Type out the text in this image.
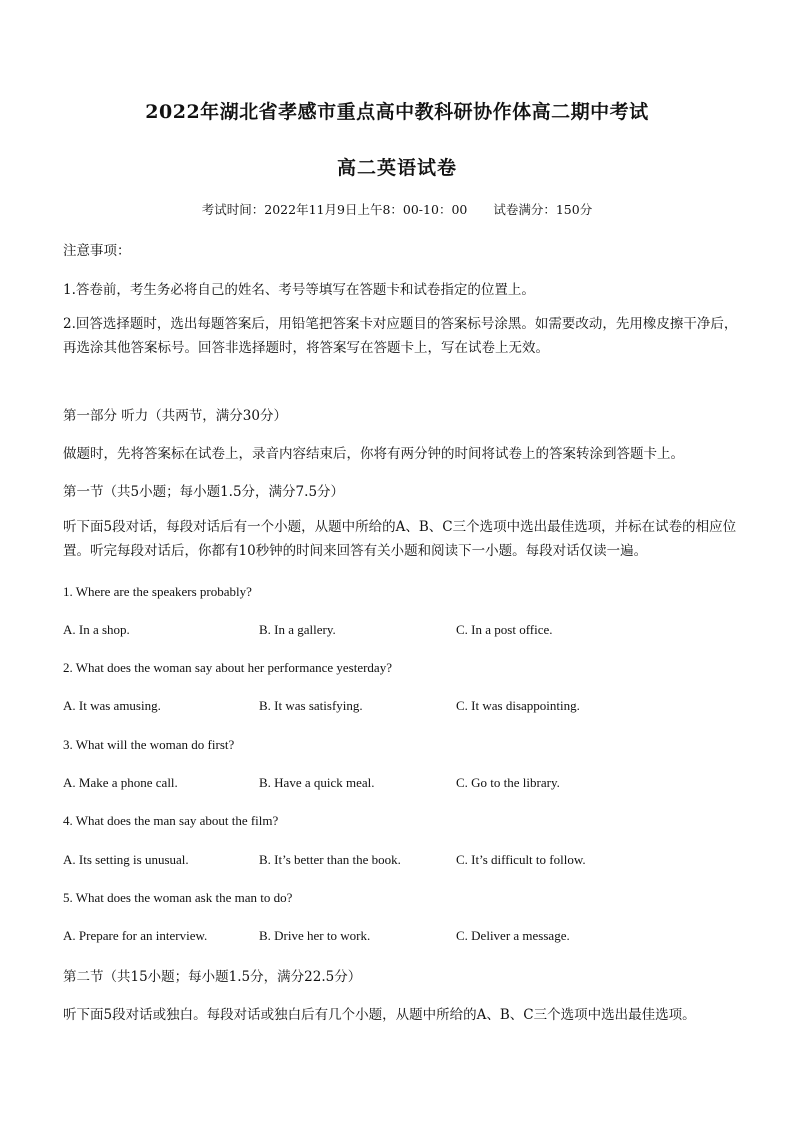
2022年湖北省孝感市重点高中教科研协作体高二期中考试
高二英语试卷
考试时间：2022年11月9日上午8：00-10：00 试卷满分：150分
注意事项：
1.答卷前，考生务必将自己的姓名、考号等填写在答题卡和试卷指定的位置上。
2.回答选择题时，选出每题答案后，用铅笔把答案卡对应题目的答案标号涂黑。如需要改动，先用橡皮擦干净后，再选涂其他答案标号。回答非选择题时，将答案写在答题卡上，写在试卷上无效。
第一部分 听力（共两节，满分30分）
做题时，先将答案标在试卷上，录音内容结束后，你将有两分钟的时间将试卷上的答案转涂到答题卡上。
第一节（共5小题；每小题1.5分，满分7.5分）
听下面5段对话，每段对话后有一个小题，从题中所给的A、B、C三个选项中选出最佳选项，并标在试卷的相应位置。听完每段对话后，你都有10秒钟的时间来回答有关小题和阅读下一小题。每段对话仅读一遍。
1. Where are the speakers probably?
A. In a shop.	B. In a gallery.	C. In a post office.
2. What does the woman say about her performance yesterday?
A. It was amusing.	B. It was satisfying.	C. It was disappointing.
3. What will the woman do first?
A. Make a phone call.	B. Have a quick meal.	C. Go to the library.
4. What does the man say about the film?
A. Its setting is unusual.	B. It’s better than the book.	C. It’s difficult to follow.
5. What does the woman ask the man to do?
A. Prepare for an interview.	B. Drive her to work.	C. Deliver a message.
第二节（共15小题；每小题1.5分，满分22.5分）
听下面5段对话或独白。每段对话或独白后有几个小题，从题中所给的A、B、C三个选项中选出最佳选项。
